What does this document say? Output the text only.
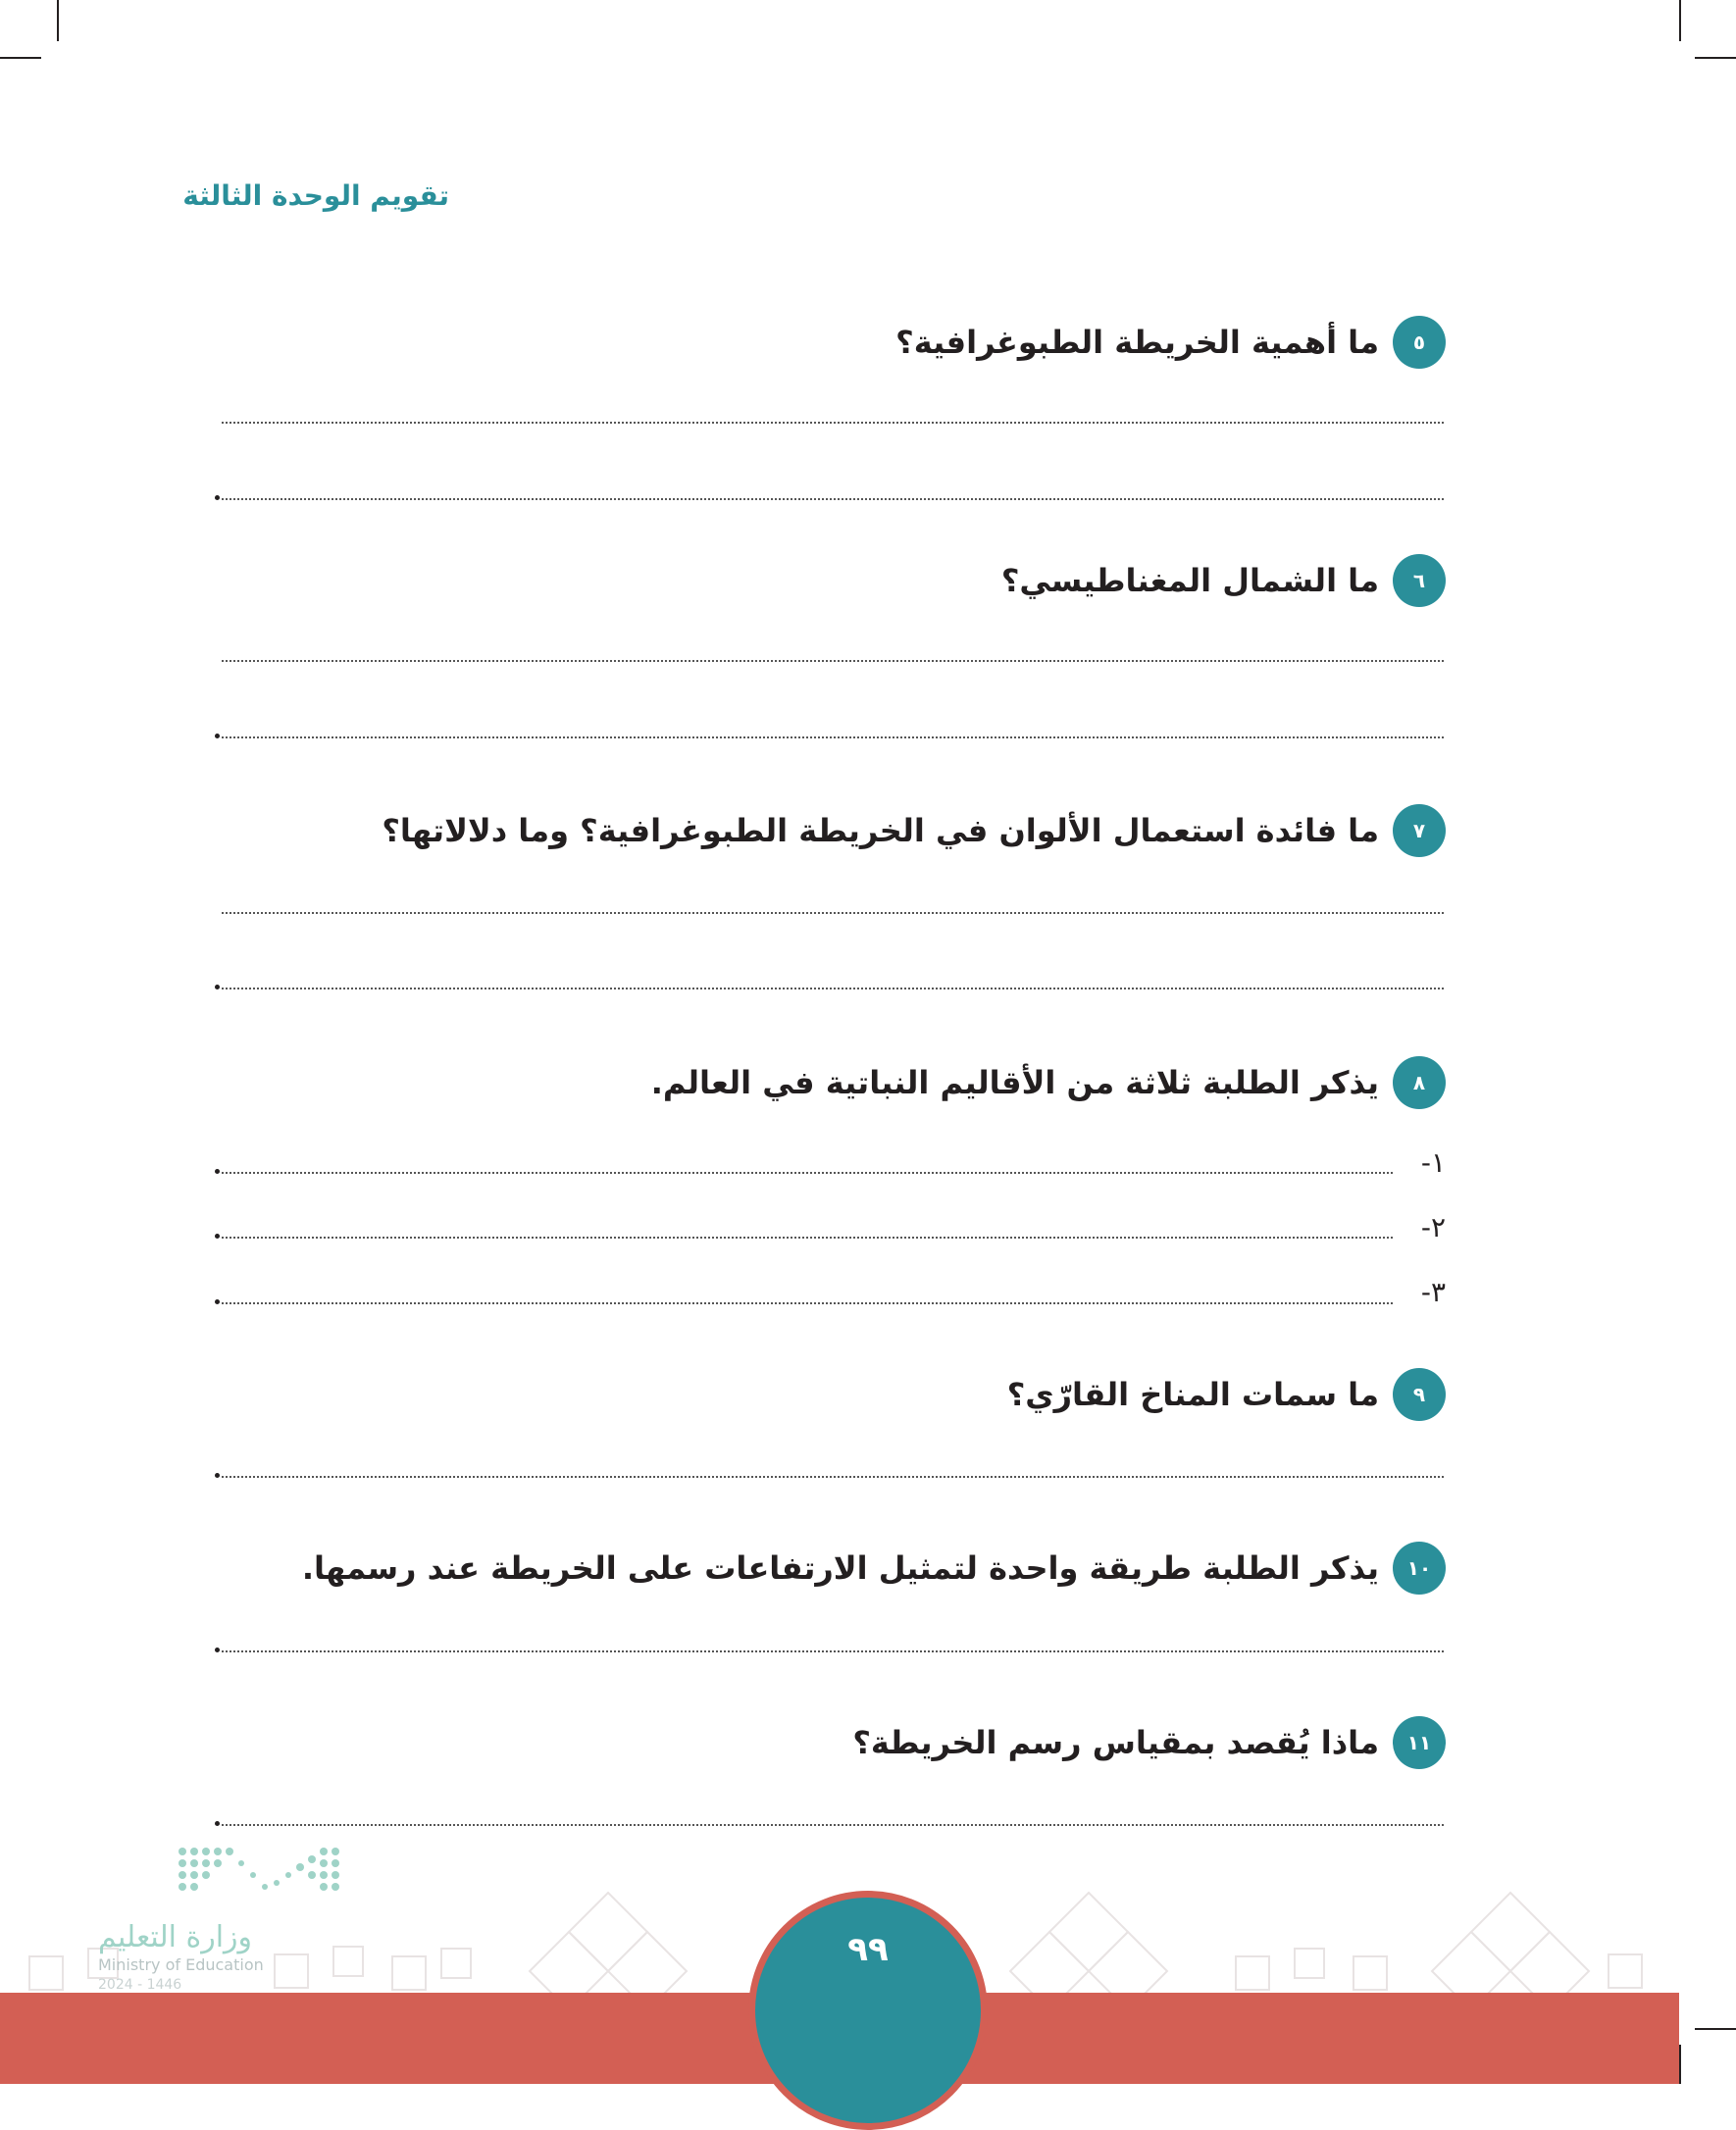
تقويم الوحدة الثالثة
٥
ما أهمية الخريطة الطبوغرافية؟
٦
ما الشمال المغناطيسي؟
٧
ما فائدة استعمال الألوان في الخريطة الطبوغرافية؟ وما دلالاتها؟
٨
يذكر الطلبة ثلاثة من الأقاليم النباتية في العالم.
١-
٢-
٣-
٩
ما سمات المناخ القارّي؟
١٠
يذكر الطلبة طريقة واحدة لتمثيل الارتفاعات على الخريطة عند رسمها.
١١
ماذا يُقصد بمقياس رسم الخريطة؟
وزارة التعليم
Ministry of Education
2024 - 1446
٩٩
